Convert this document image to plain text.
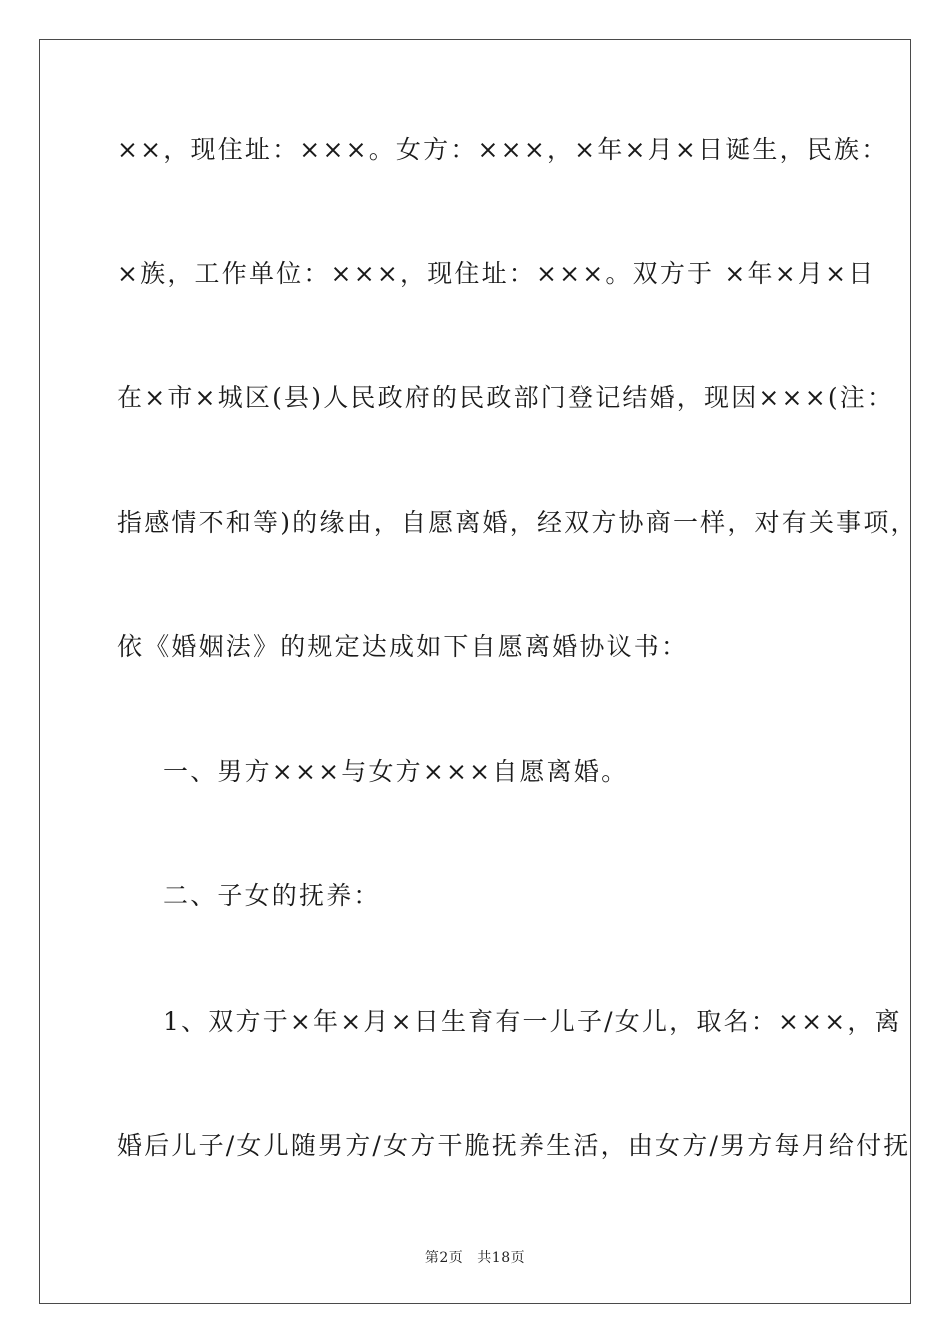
××，现住址：×××。女方：×××，×年×月×日诞生，民族：

×族，工作单位：×××，现住址：×××。双方于 ×年×月×日

在×市×城区(县)人民政府的民政部门登记结婚，现因×××(注：

指感情不和等)的缘由，自愿离婚，经双方协商一样，对有关事项，

依《婚姻法》的规定达成如下自愿离婚协议书：

一、男方×××与女方×××自愿离婚。

二、子女的抚养：

1、双方于×年×月×日生育有一儿子/女儿，取名：×××，离

婚后儿子/女儿随男方/女方干脆抚养生活，由女方/男方每月给付抚

第2页 共18页
